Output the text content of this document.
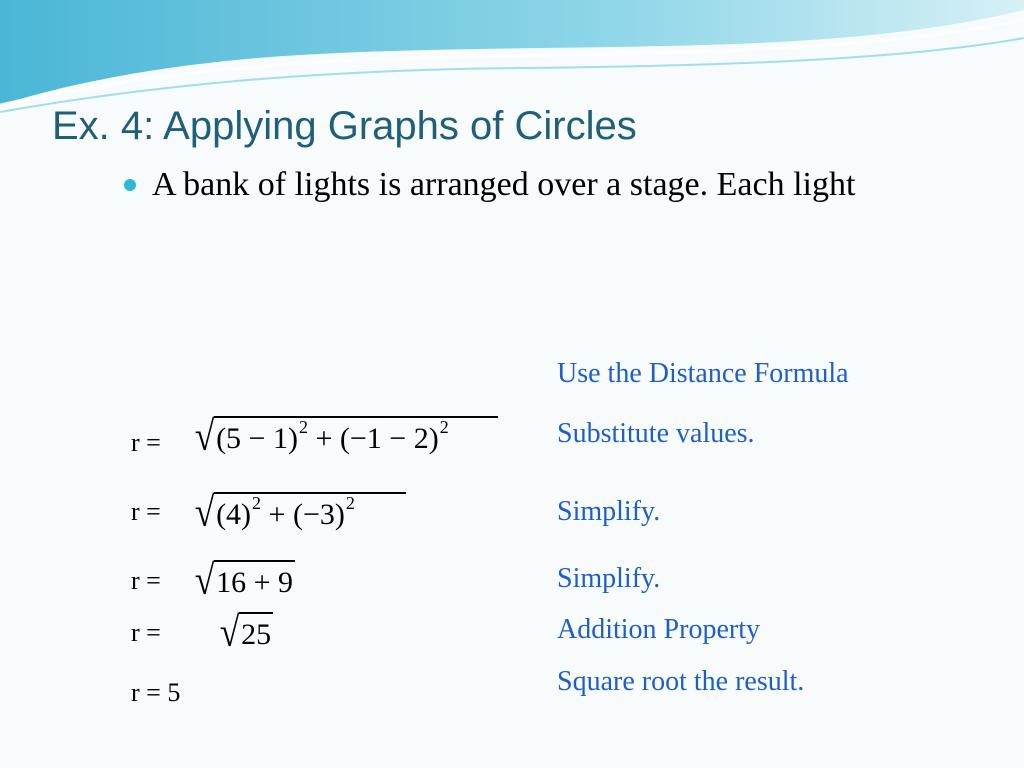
Ex. 4: Applying Graphs of Circles
A bank of lights is arranged over a stage. Each light
Use the Distance Formula
r = √ $(5 - 1)^2 + (-1 - 2)^2$	Substitute values.
r = √ $(4)^2 + (-3)^2$	Simplify.
r = √ 16 + 9	Simplify.
r = √ 25	Addition Property
r = 5	Square root the result.
